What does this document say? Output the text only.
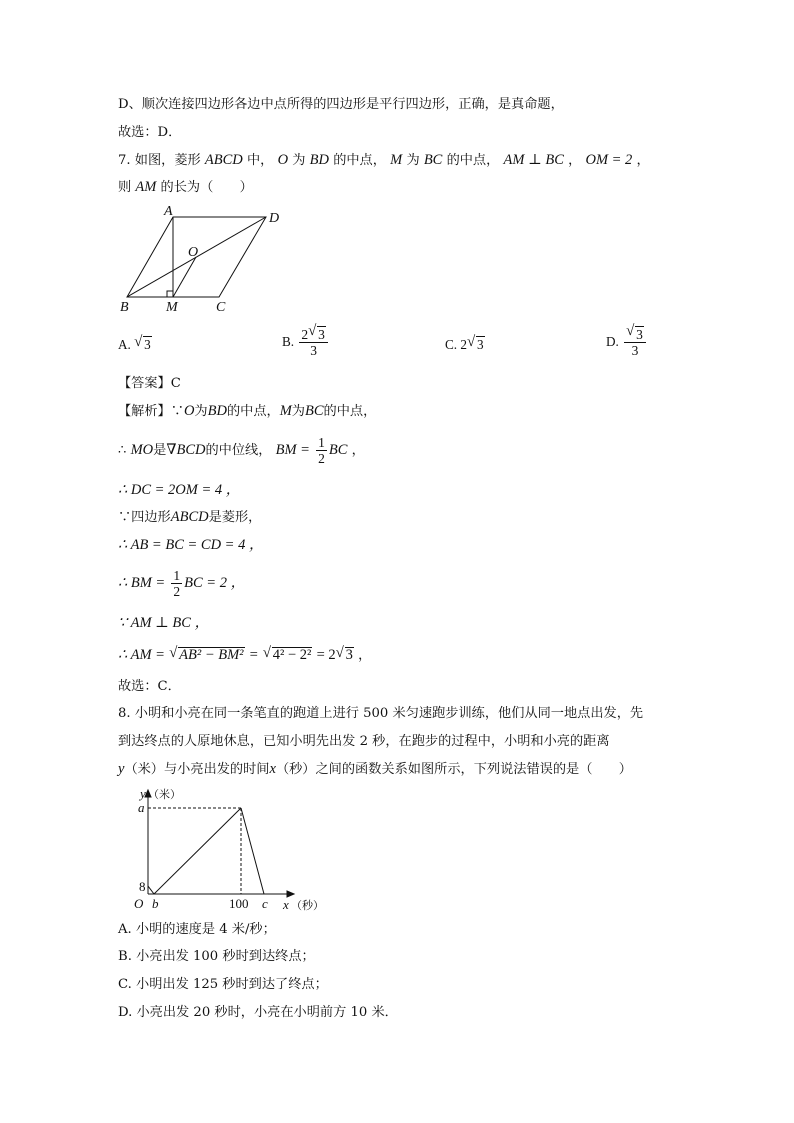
D、顺次连接四边形各边中点所得的四边形是平行四边形，正确，是真命题，
故选：D．
7. 如图，菱形 ABCD 中， O 为 BD 的中点， M 为 BC 的中点， AM ⊥ BC ， OM = 2 ，
则 AM 的长为（　　）
A	D
O
B	M	C
A. √ 3	B. $\frac{2 √ 3}{3}$	C. 2 √ 3	D. √ $\frac{3}{3}$
【答案】C
【解析】∵O为BD的中点，M为BC的中点，
∴ MO是∇BCD的中位线， BM = $\frac{1}{2}$ BC ，
∴ DC = 2OM = 4 ，
∵四边形ABCD是菱形，
∴ AB = BC = CD = 4 ，
∴ BM = $\frac{1}{2}$ BC = 2 ，
∵ AM ⊥ BC ，
∴ AM = √ AB² − BM² = √ 4² − 2² = 2 √ 3 ，
故选：C．
8. 小明和小亮在同一条笔直的跑道上进行 500 米匀速跑步训练，他们从同一地点出发，先
到达终点的人原地休息，已知小明先出发 2 秒，在跑步的过程中，小明和小亮的距离
y（米）与小亮出发的时间x（秒）之间的函数关系如图所示，下列说法错误的是（　　）
y （米）
a
8
O b	100 c x （秒）
A. 小明的速度是 4 米/秒；
B. 小亮出发 100 秒时到达终点；
C. 小明出发 125 秒时到达了终点；
D. 小亮出发 20 秒时，小亮在小明前方 10 米．
